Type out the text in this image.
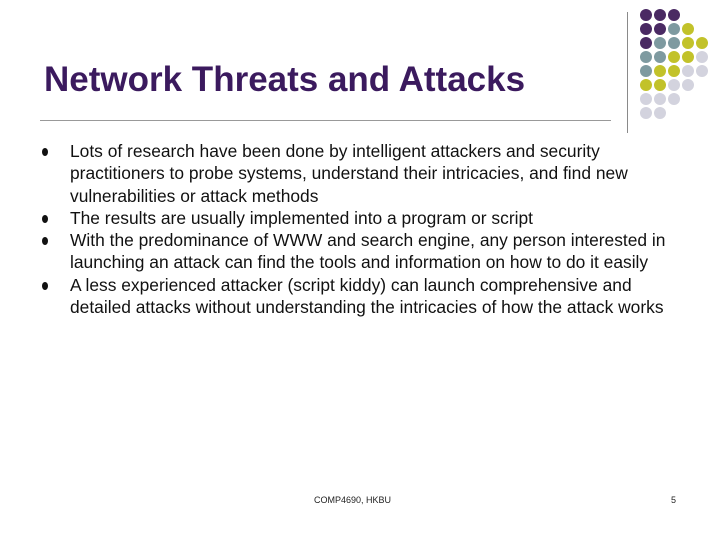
Network Threats and Attacks
Lots of research have been done by intelligent attackers and security practitioners to probe systems, understand their intricacies, and find new vulnerabilities or attack methods
The results are usually implemented into a program or script
With the predominance of WWW and search engine, any person interested in launching an attack can find the tools and information on how to do it easily
A less experienced attacker (script kiddy) can launch comprehensive and detailed attacks without understanding the intricacies of how the attack works
COMP4690, HKBU	5
